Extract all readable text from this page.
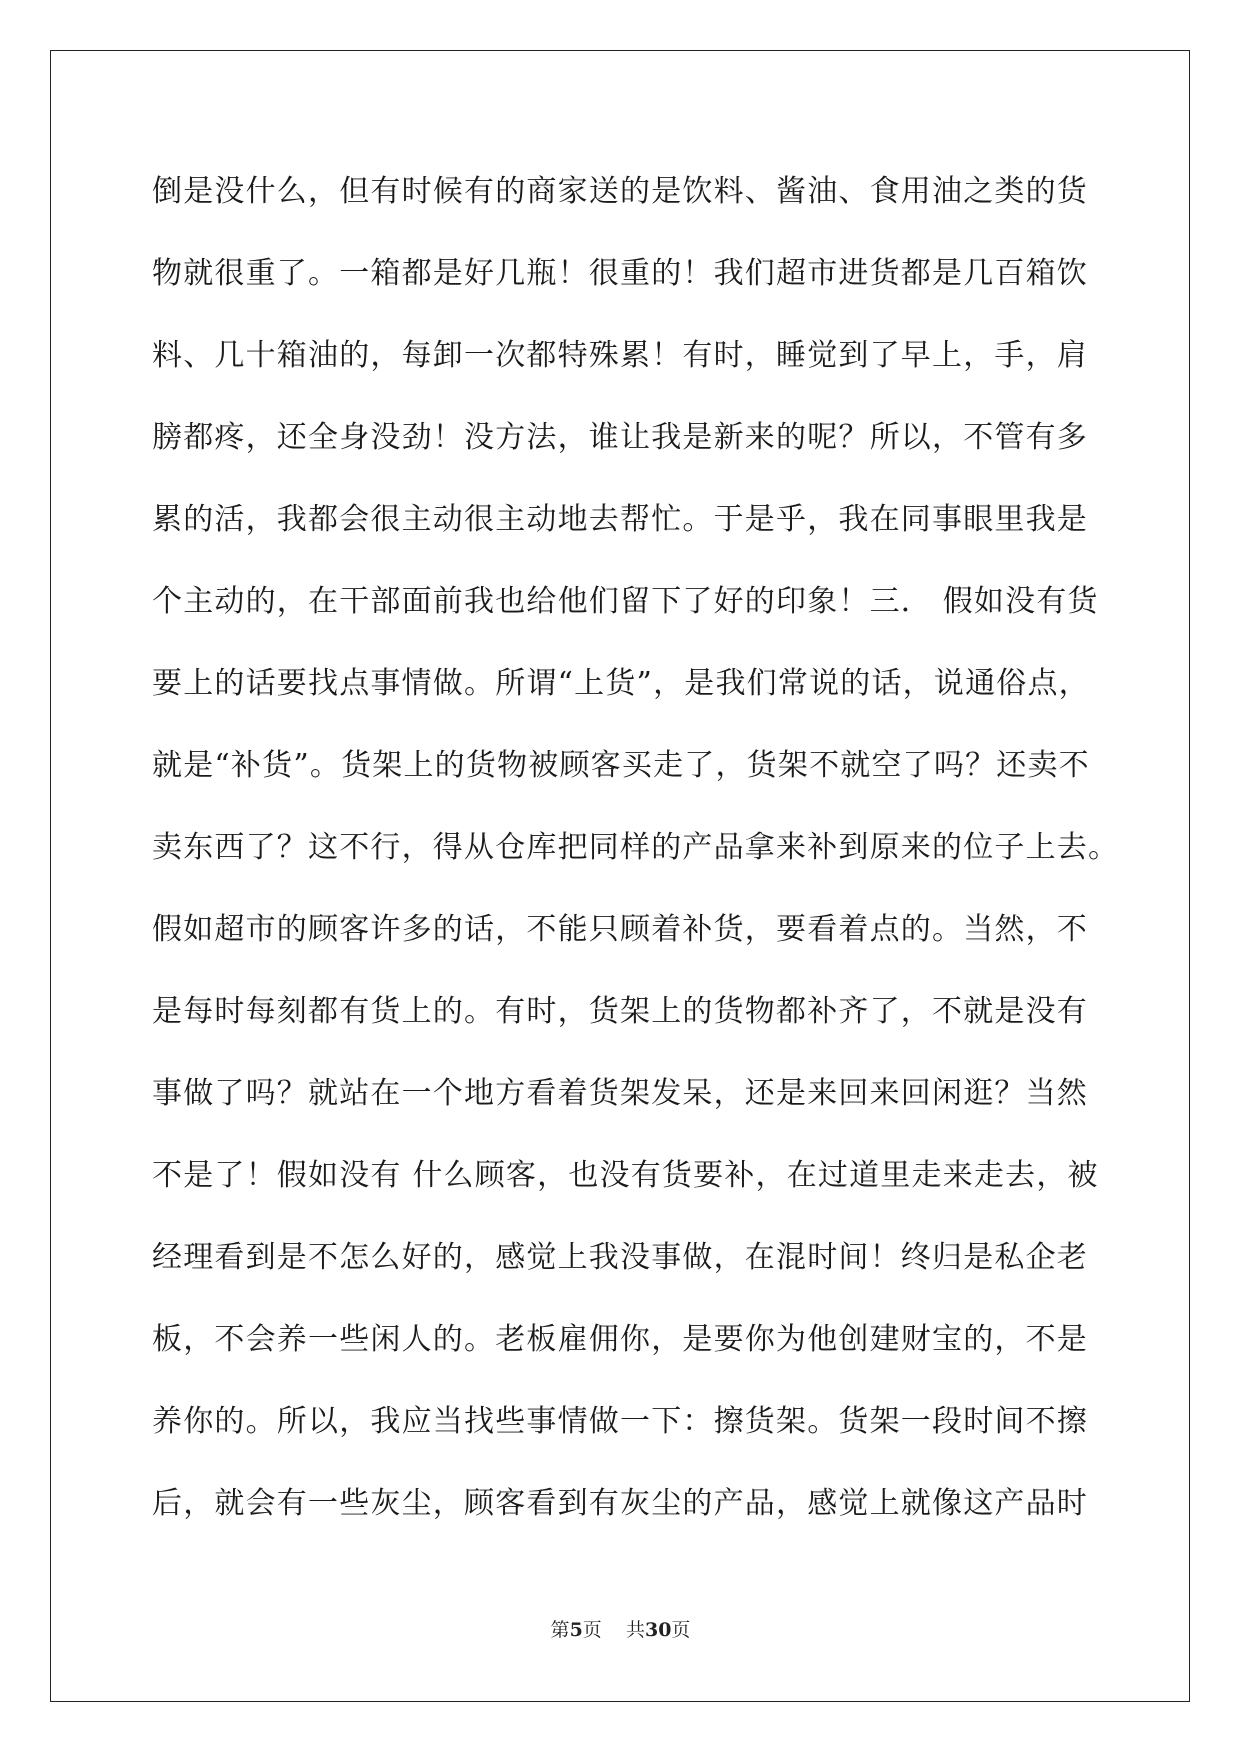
倒是没什么，但有时候有的商家送的是饮料、酱油、食用油之类的货
物就很重了。一箱都是好几瓶！很重的！我们超市进货都是几百箱饮
料、几十箱油的，每卸一次都特殊累！有时，睡觉到了早上，手，肩
膀都疼，还全身没劲！没方法，谁让我是新来的呢？所以，不管有多
累的活，我都会很主动很主动地去帮忙。于是乎，我在同事眼里我是
个主动的，在干部面前我也给他们留下了好的印象！三． 假如没有货
要上的话要找点事情做。所谓“上货”，是我们常说的话，说通俗点，
就是“补货”。货架上的货物被顾客买走了，货架不就空了吗？还卖不
卖东西了？这不行，得从仓库把同样的产品拿来补到原来的位子上去。
假如超市的顾客许多的话，不能只顾着补货，要看着点的。当然，不
是每时每刻都有货上的。有时，货架上的货物都补齐了，不就是没有
事做了吗？就站在一个地方看着货架发呆，还是来回来回闲逛？当然
不是了！假如没有 什么顾客，也没有货要补，在过道里走来走去，被
经理看到是不怎么好的，感觉上我没事做，在混时间！终归是私企老
板，不会养一些闲人的。老板雇佣你，是要你为他创建财宝的，不是
养你的。所以，我应当找些事情做一下：擦货架。货架一段时间不擦
后，就会有一些灰尘，顾客看到有灰尘的产品，感觉上就像这产品时
第5页    共30页
